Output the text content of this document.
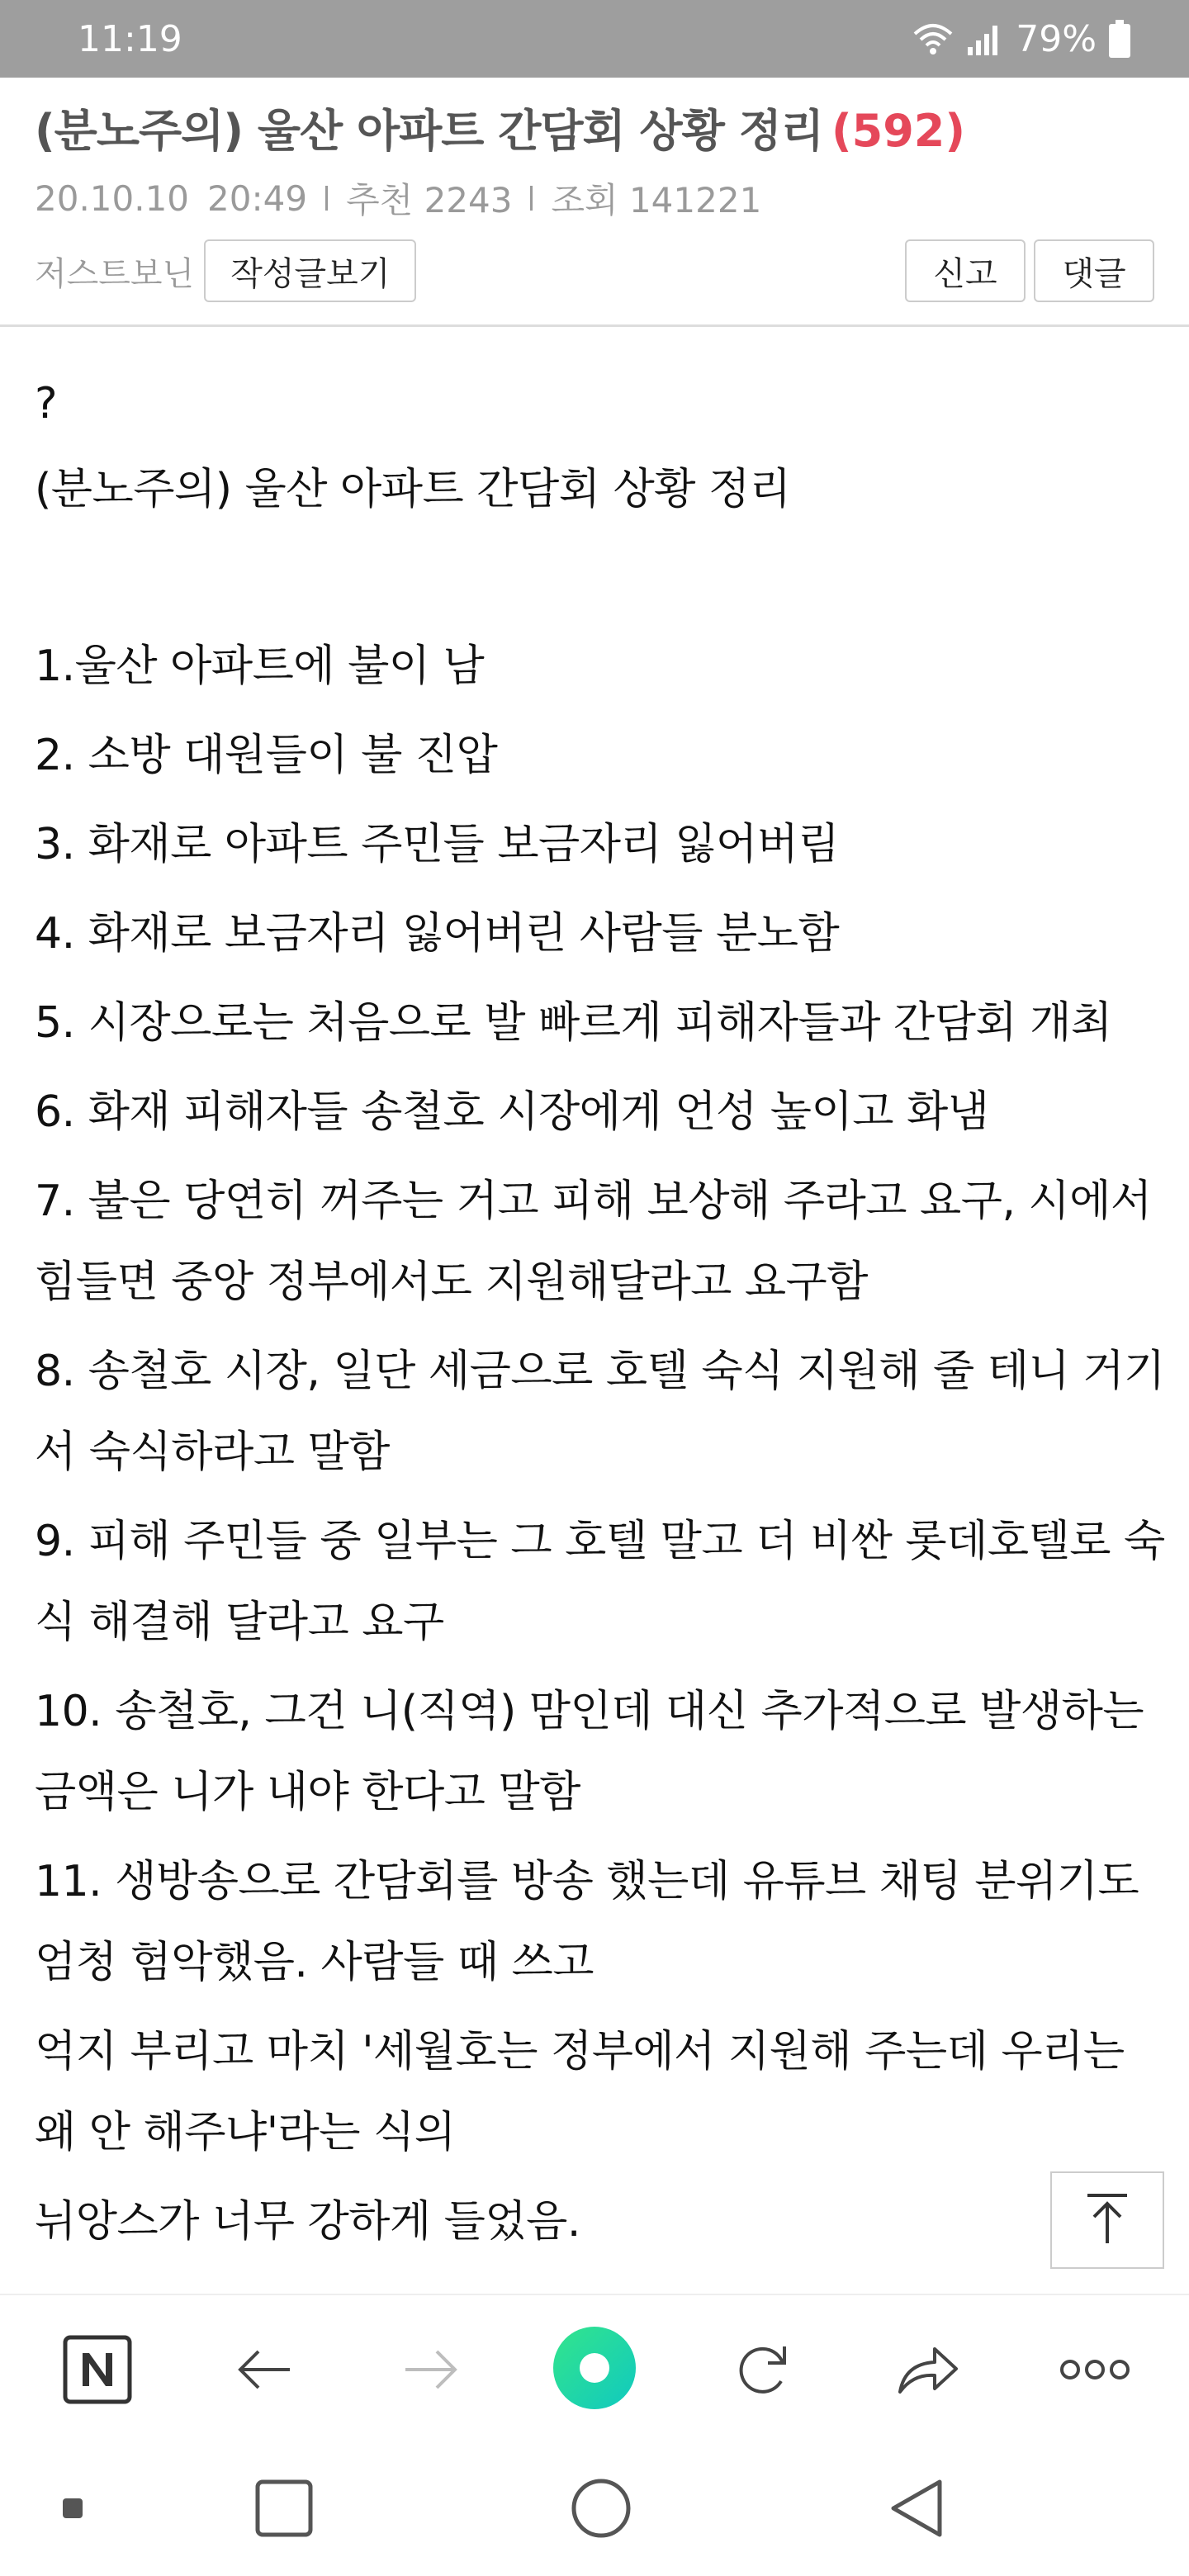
11:19	79%
(분노주의) 울산 아파트 간담회 상황 정리 (592)
20.10.10 20:49 추천 2243 조회 141221
저스트보닌	작성글보기	신고	댓글

?

(분노주의) 울산 아파트 간담회 상황 정리

1.울산 아파트에 불이 남

2. 소방 대원들이 불 진압

3. 화재로 아파트 주민들 보금자리 잃어버림

4. 화재로 보금자리 잃어버린 사람들 분노함

5. 시장으로는 처음으로 발 빠르게 피해자들과 간담회 개최

6. 화재 피해자들 송철호 시장에게 언성 높이고 화냄

7. 불은 당연히 꺼주는 거고 피해 보상해 주라고 요구, 시에서 힘들면 중앙 정부에서도 지원해달라고 요구함

8. 송철호 시장, 일단 세금으로 호텔 숙식 지원해 줄 테니 거기서 숙식하라고 말함

9. 피해 주민들 중 일부는 그 호텔 말고 더 비싼 롯데호텔로 숙식 해결해 달라고 요구

10. 송철호, 그건 니(직역) 맘인데 대신 추가적으로 발생하는 금액은 니가 내야 한다고 말함

11. 생방송으로 간담회를 방송 했는데 유튜브 채팅 분위기도 엄청 험악했음. 사람들 때 쓰고

억지 부리고 마치 '세월호는 정부에서 지원해 주는데 우리는 왜 안 해주냐'라는 식의

뉘앙스가 너무 강하게 들었음.
